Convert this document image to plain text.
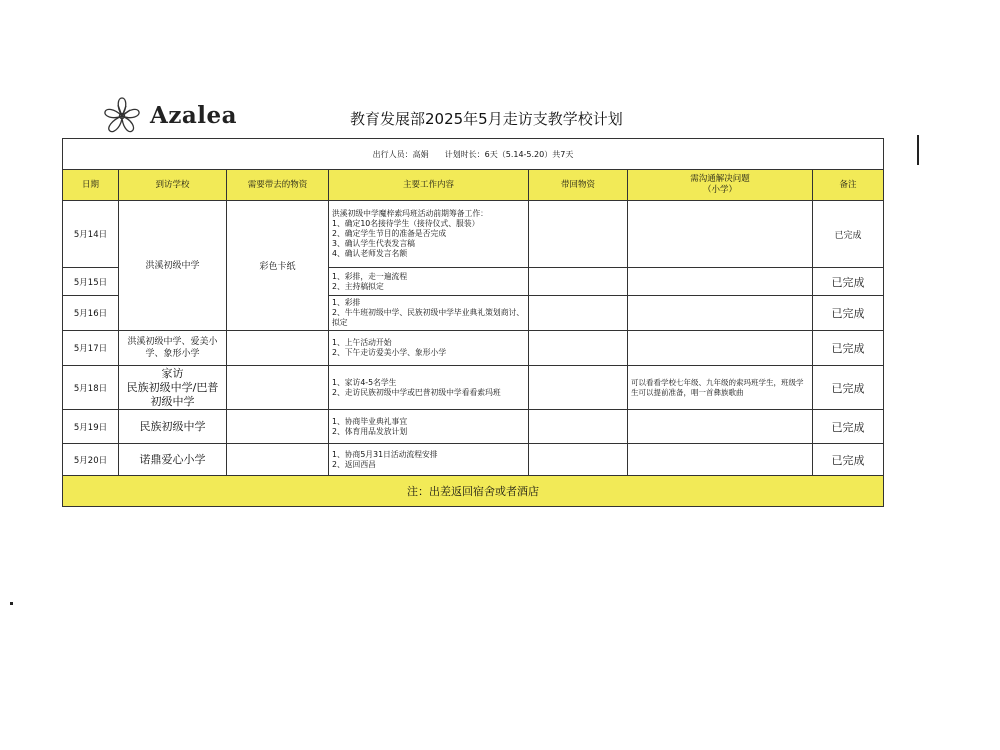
Azalea	教育发展部2025年5月走访支教学校计划
出行人员：高娟　　计划时长：6天（5.14-5.20）共7天						
日期	到访学校	需要带去的物资	主要工作内容	带回物资	需沟通解决问题
（小学）	备注
5月14日	洪溪初级中学	彩色卡纸	洪溪初级中学魔梓索玛班活动前期筹备工作：
1、确定10名接待学生（接待仪式、服装）
2、确定学生节目的准备是否完成
3、确认学生代表发言稿
4、确认老师发言名额			已完成
5月15日			1、彩排，走一遍流程
2、主持稿拟定			已完成
5月16日			1、彩排
2、牛牛班初级中学、民族初级中学毕业典礼策划商讨、拟定			已完成
5月17日	洪溪初级中学、爱美小学、象形小学		1、上午活动开始
2、下午走访爱美小学、象形小学			已完成
5月18日	家访
民族初级中学/巴普
初级中学		1、家访4-5名学生
2、走访民族初级中学或巴普初级中学看看索玛班		可以看看学校七年级、九年级的索玛班学生，班级学生可以提前准备，唱一首彝族歌曲	已完成
5月19日	民族初级中学		1、协商毕业典礼事宜
2、体育用品发放计划			已完成
5月20日	诺鼎爱心小学		1、协商5月31日活动流程安排
2、返回西昌			已完成
注：出差返回宿舍或者酒店						
